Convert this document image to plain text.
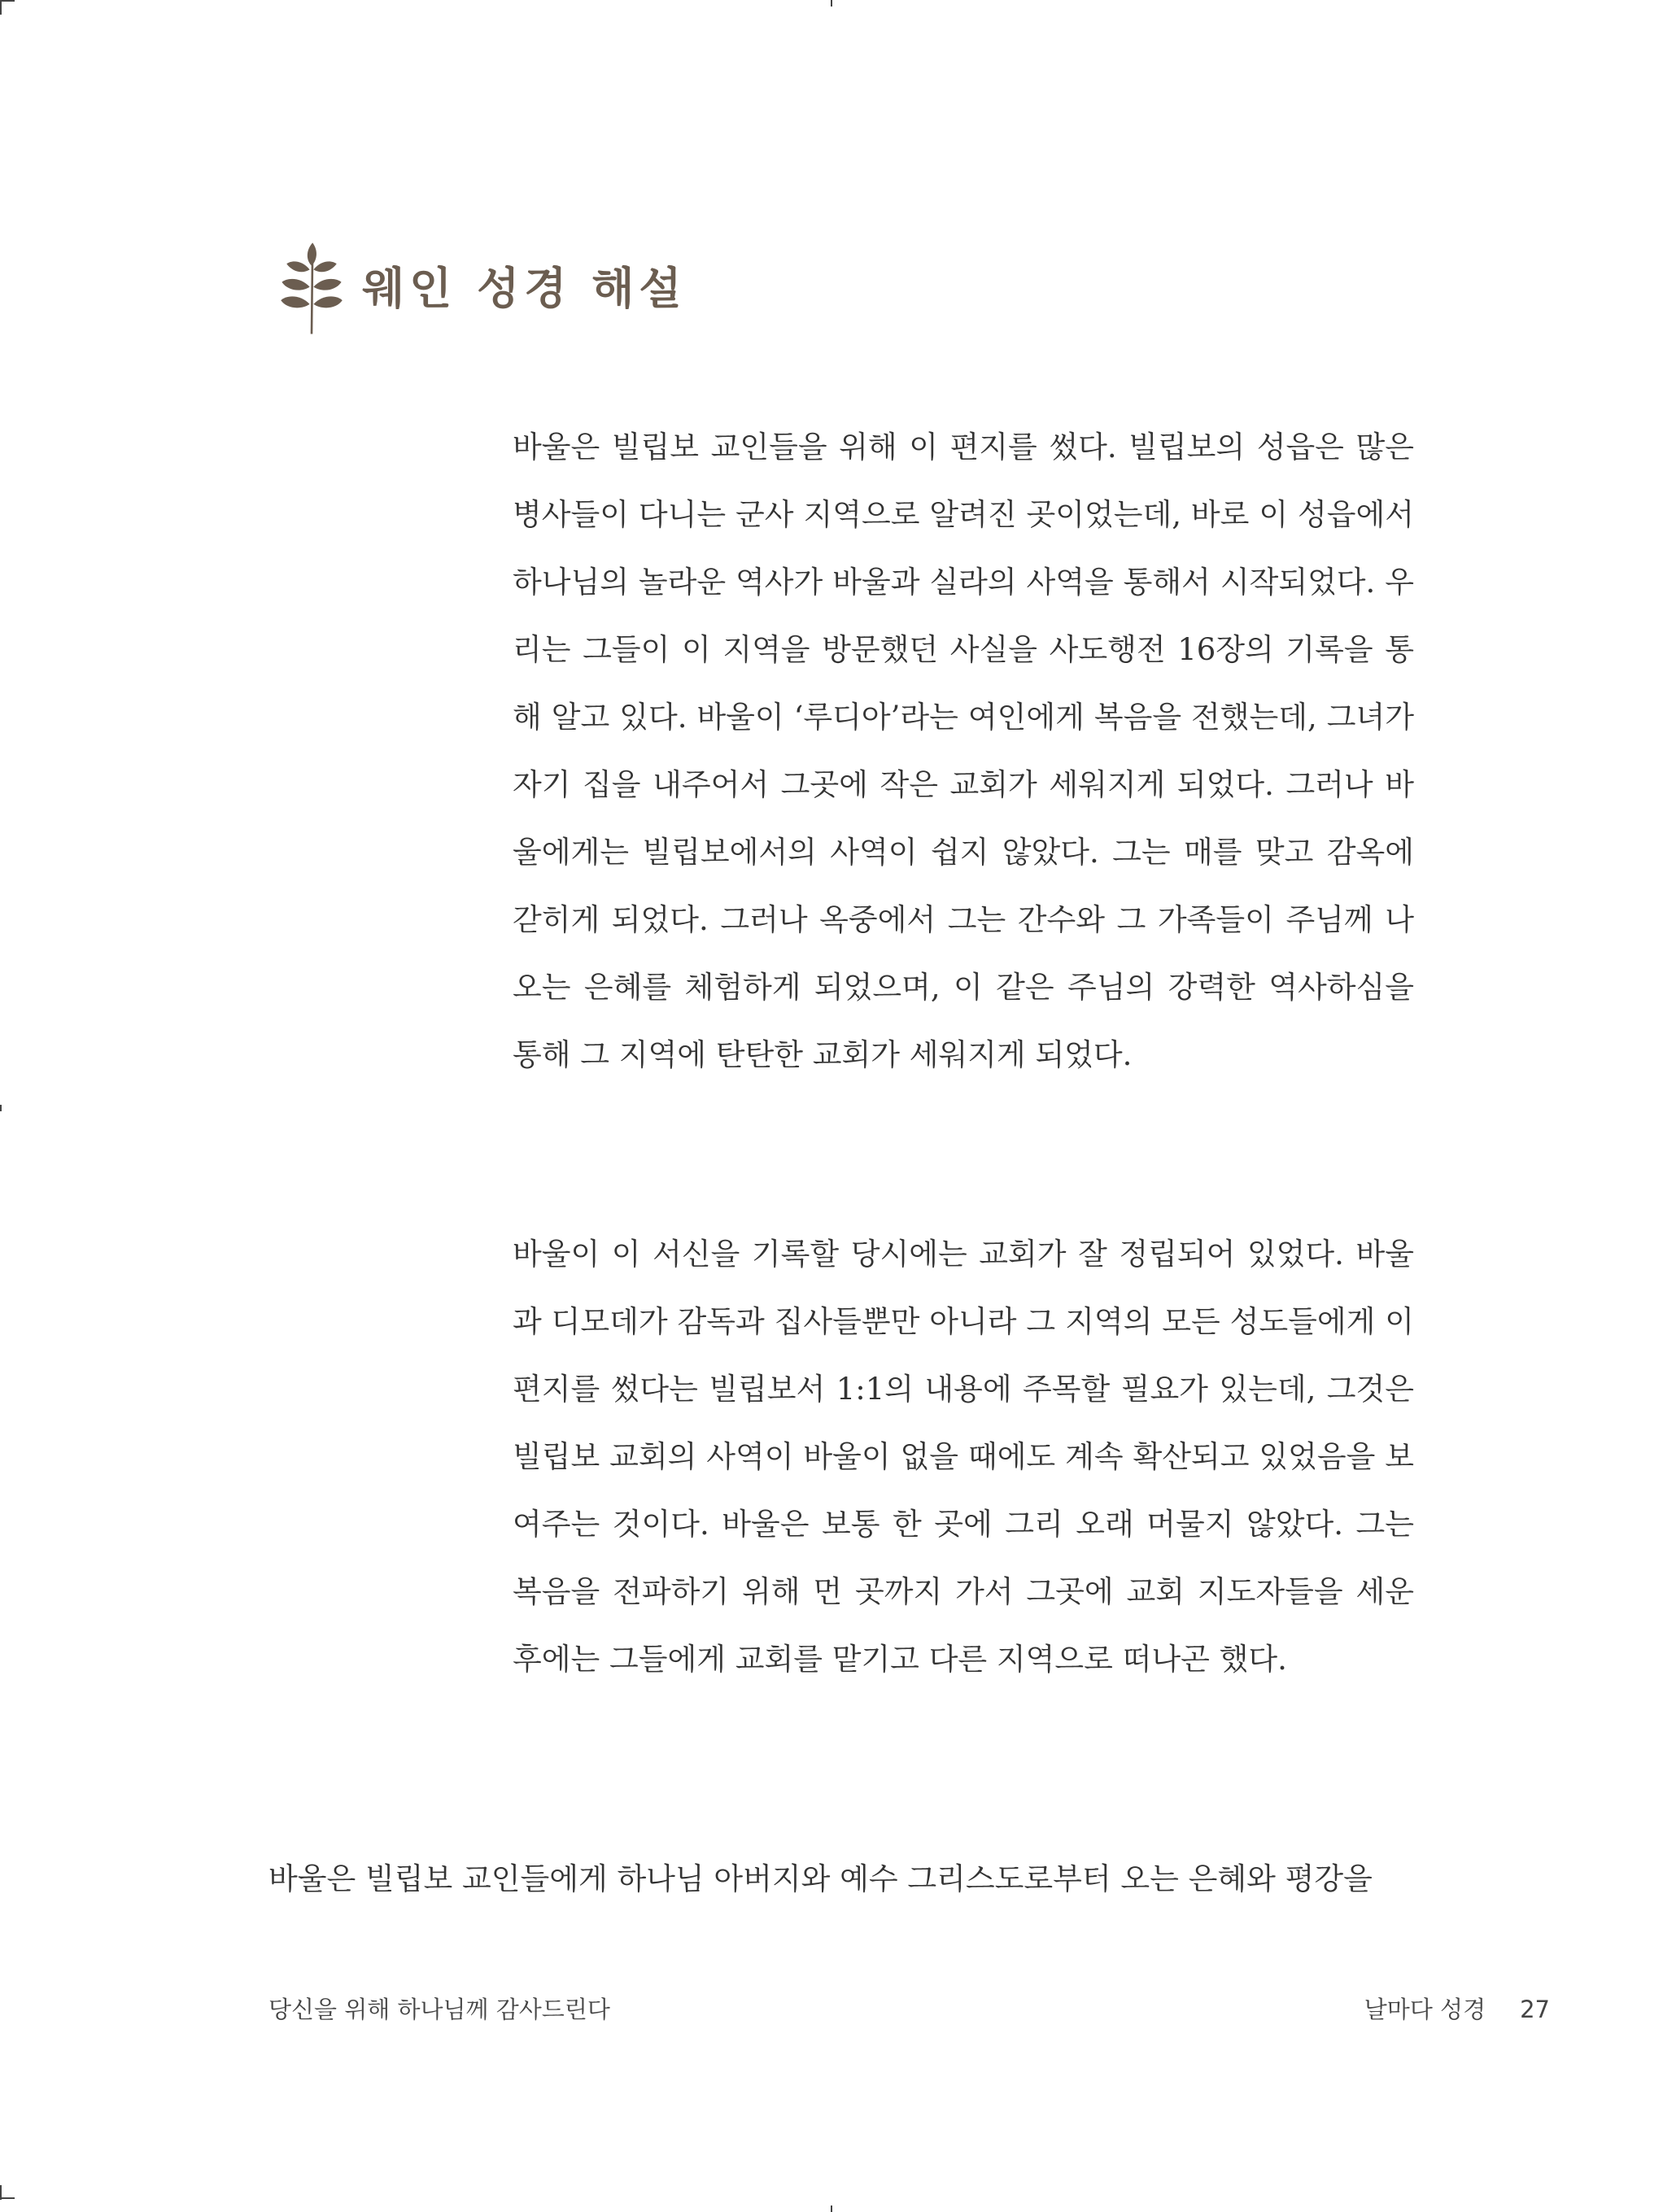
웨인 성경 해설

바울은 빌립보 교인들을 위해 이 편지를 썼다. 빌립보의 성읍은 많은 병사들이 다니는 군사 지역으로 알려진 곳이었는데, 바로 이 성읍에서 하나님의 놀라운 역사가 바울과 실라의 사역을 통해서 시작되었다. 우리는 그들이 이 지역을 방문했던 사실을 사도행전 16장의 기록을 통해 알고 있다. 바울이 ‘루디아’라는 여인에게 복음을 전했는데, 그녀가 자기 집을 내주어서 그곳에 작은 교회가 세워지게 되었다. 그러나 바울에게는 빌립보에서의 사역이 쉽지 않았다. 그는 매를 맞고 감옥에 갇히게 되었다. 그러나 옥중에서 그는 간수와 그 가족들이 주님께 나오는 은혜를 체험하게 되었으며, 이 같은 주님의 강력한 역사하심을 통해 그 지역에 탄탄한 교회가 세워지게 되었다.

바울이 이 서신을 기록할 당시에는 교회가 잘 정립되어 있었다. 바울과 디모데가 감독과 집사들뿐만 아니라 그 지역의 모든 성도들에게 이 편지를 썼다는 빌립보서 1:1의 내용에 주목할 필요가 있는데, 그것은 빌립보 교회의 사역이 바울이 없을 때에도 계속 확산되고 있었음을 보여주는 것이다. 바울은 보통 한 곳에 그리 오래 머물지 않았다. 그는 복음을 전파하기 위해 먼 곳까지 가서 그곳에 교회 지도자들을 세운 후에는 그들에게 교회를 맡기고 다른 지역으로 떠나곤 했다.

바울은 빌립보 교인들에게 하나님 아버지와 예수 그리스도로부터 오는 은혜와 평강을

당신을 위해 하나님께 감사드린다	날마다 성경 27
